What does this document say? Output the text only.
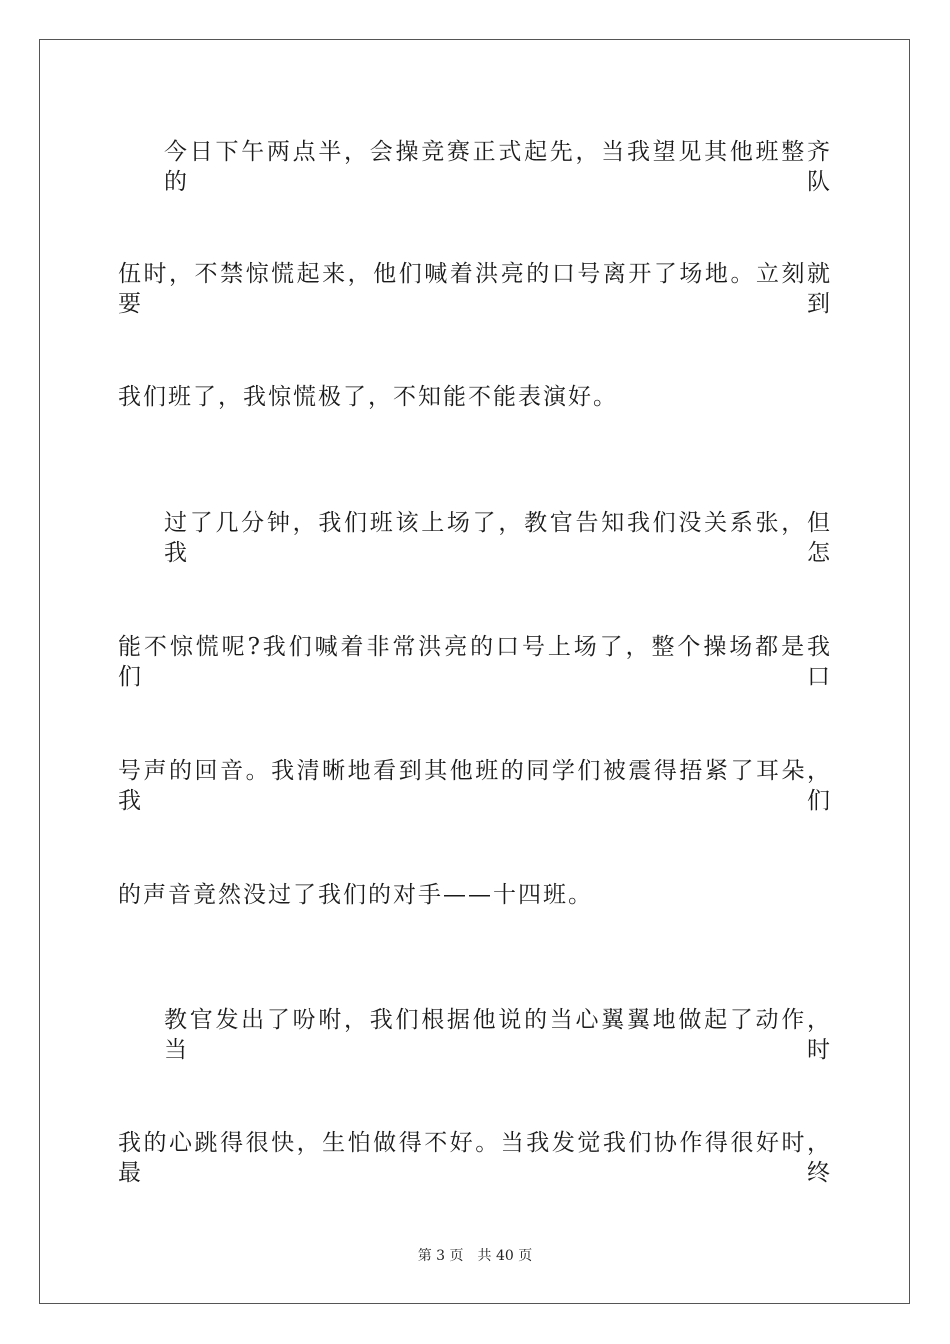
今日下午两点半，会操竞赛正式起先，当我望见其他班整齐的队
伍时，不禁惊慌起来，他们喊着洪亮的口号离开了场地。立刻就要到
我们班了，我惊慌极了，不知能不能表演好。
过了几分钟，我们班该上场了，教官告知我们没关系张，但我怎
能不惊慌呢?我们喊着非常洪亮的口号上场了，整个操场都是我们口
号声的回音。我清晰地看到其他班的同学们被震得捂紧了耳朵，我们
的声音竟然没过了我们的对手——十四班。
教官发出了吩咐，我们根据他说的当心翼翼地做起了动作，当时
我的心跳得很快，生怕做得不好。当我发觉我们协作得很好时，最终
第 3 页 共 40 页
